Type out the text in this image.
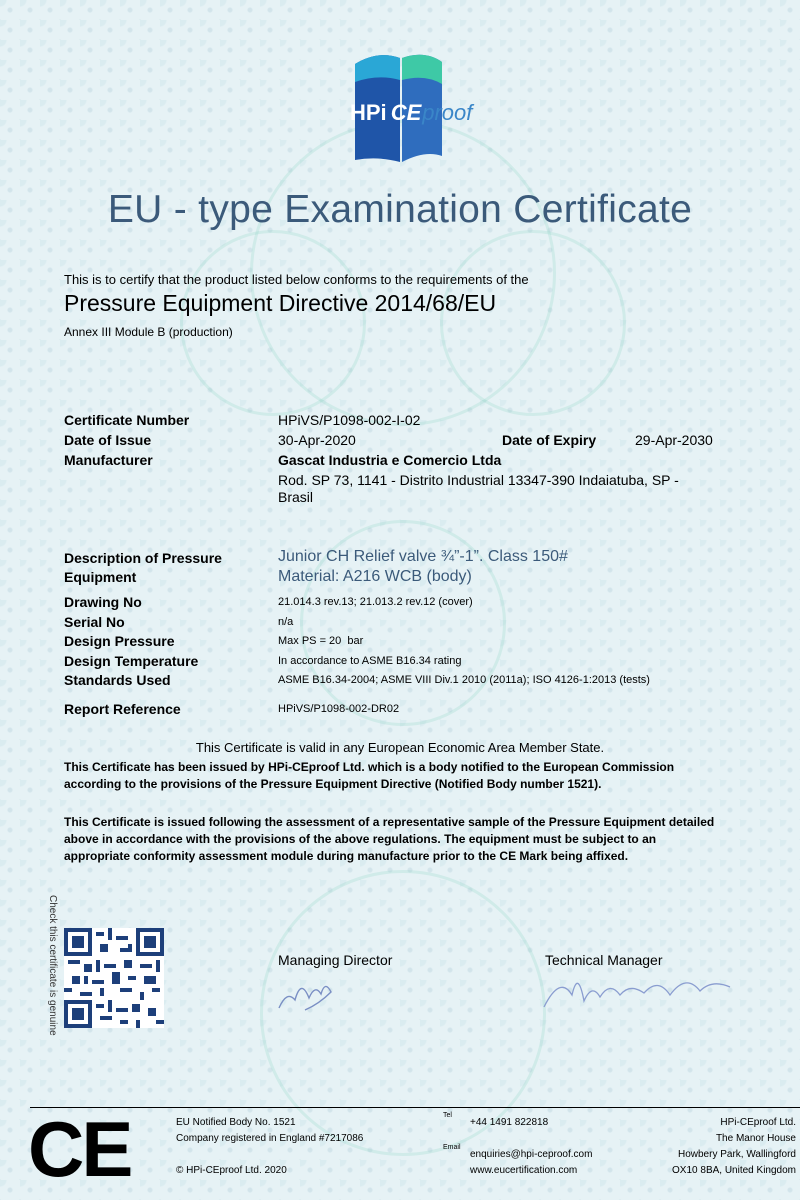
HPi CEproof
EU - type Examination Certificate
This is to certify that the product listed below conforms to the requirements of the
Pressure Equipment Directive 2014/68/EU
Annex III Module B (production)
Certificate Number	HPiVS/P1098-002-I-02
Date of Issue	30-Apr-2020	Date of Expiry	29-Apr-2030
Manufacturer	Gascat Industria e Comercio Ltda
Rod. SP 73, 1141 - Distrito Industrial 13347-390 Indaiatuba, SP -
Brasil
Description of Pressure
Equipment
Junior CH Relief valve ¾”-1”. Class 150#
Material: A216 WCB (body)
Drawing No	21.014.3 rev.13; 21.013.2 rev.12 (cover)
Serial No	n/a
Design Pressure	Max PS = 20  bar
Design Temperature	In accordance to ASME B16.34 rating
Standards Used	ASME B16.34-2004; ASME VIII Div.1 2010 (2011a); ISO 4126-1:2013 (tests)
Report Reference	HPiVS/P1098-002-DR02
This Certificate is valid in any European Economic Area Member State.
This Certificate has been issued by HPi-CEproof Ltd. which is a body notified to the European Commission
according to the provisions of the Pressure Equipment Directive (Notified Body number 1521).
This Certificate is issued following the assessment of a representative sample of the Pressure Equipment detailed
above in accordance with the provisions of the above regulations. The equipment must be subject to an
appropriate conformity assessment module during manufacture prior to the CE Mark being affixed.
Check this certificate is genuine	Managing Director	Technical Manager
CE	EU Notified Body No. 1521
Company registered in England #7217086
© HPi-CEproof Ltd. 2020
Tel
+44 1491 822818
Email
enquiries@hpi-ceproof.com
www.eucertification.com
HPi-CEproof Ltd.
The Manor House
Howbery Park, Wallingford
OX10 8BA, United Kingdom
